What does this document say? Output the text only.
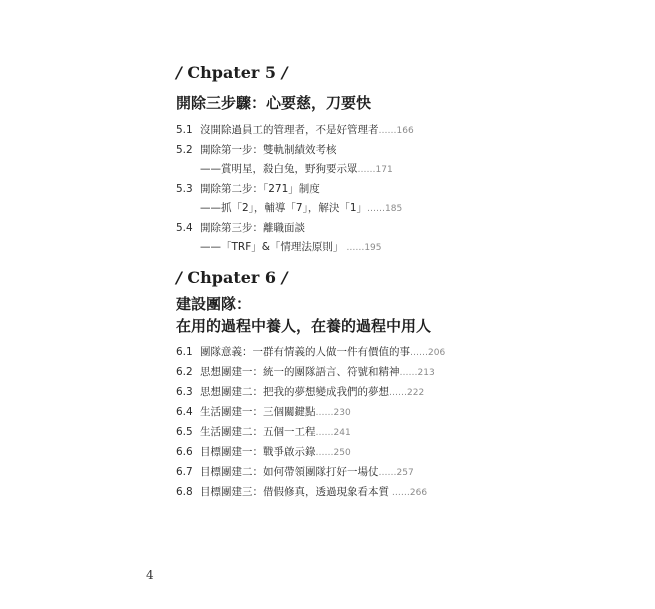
/ Chpater 5 /
開除三步驟：心要慈，刀要快
5.1 沒開除過員工的管理者，不是好管理者……166
5.2 開除第一步：雙軌制績效考核
——賞明星，殺白兔，野狗要示眾……171
5.3 開除第二步：「271」制度
——抓「2」，輔導「7」，解決「1」……185
5.4 開除第三步：離職面談
——「TRF」&「情理法原則」 ……195
/ Chpater 6 /
建設團隊：
在用的過程中養人，在養的過程中用人
6.1 團隊意義：一群有情義的人做一件有價值的事……206
6.2 思想團建一：統一的團隊語言、符號和精神……213
6.3 思想團建二：把我的夢想變成我們的夢想……222
6.4 生活團建一：三個關鍵點……230
6.5 生活團建二：五個一工程……241
6.6 目標團建一：戰爭啟示錄……250
6.7 目標團建二：如何帶領團隊打好一場仗……257
6.8 目標團建三：借假修真，透過現象看本質 ……266
4
